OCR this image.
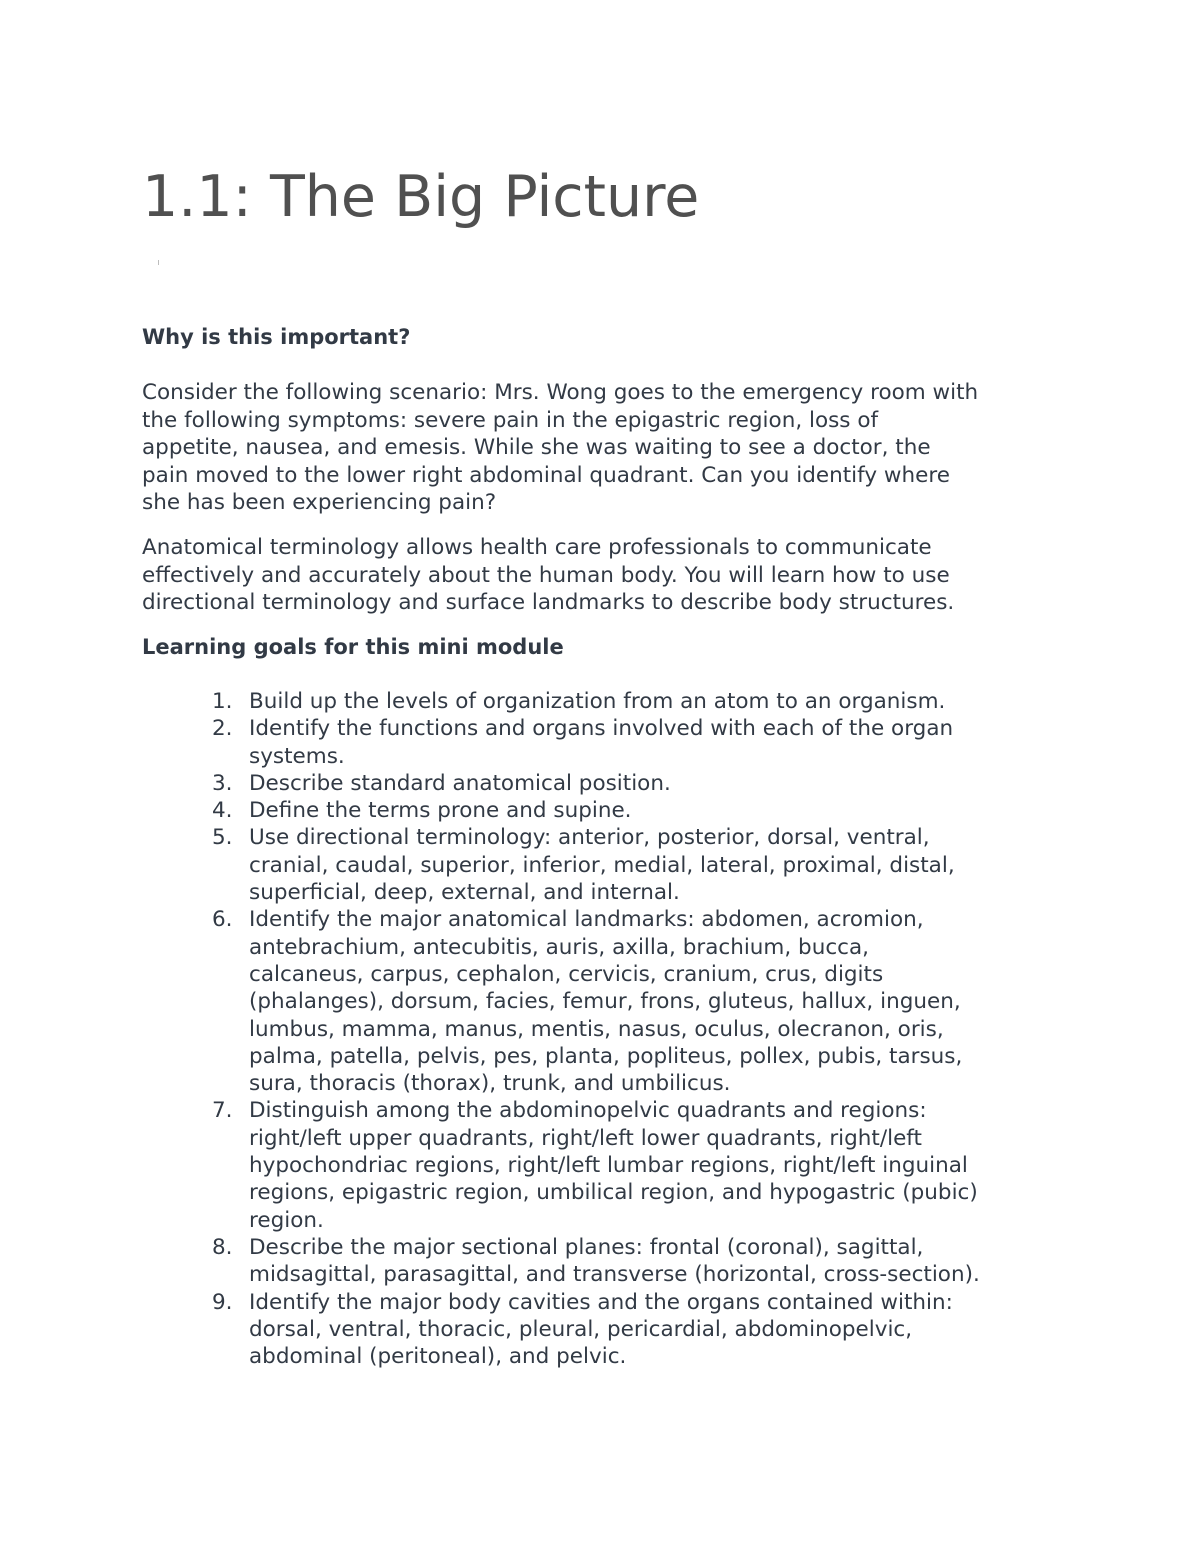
1.1: The Big Picture
Why is this important?

Consider the following scenario: Mrs. Wong goes to the emergency room with
the following symptoms: severe pain in the epigastric region, loss of
appetite, nausea, and emesis. While she was waiting to see a doctor, the
pain moved to the lower right abdominal quadrant. Can you identify where
she has been experiencing pain?

Anatomical terminology allows health care professionals to communicate
effectively and accurately about the human body. You will learn how to use
directional terminology and surface landmarks to describe body structures.

Learning goals for this mini module
1. Build up the levels of organization from an atom to an organism.
2. Identify the functions and organs involved with each of the organ
systems.
3. Describe standard anatomical position.
4. Define the terms prone and supine.
5. Use directional terminology: anterior, posterior, dorsal, ventral,
cranial, caudal, superior, inferior, medial, lateral, proximal, distal,
superficial, deep, external, and internal.
6. Identify the major anatomical landmarks: abdomen, acromion,
antebrachium, antecubitis, auris, axilla, brachium, bucca,
calcaneus, carpus, cephalon, cervicis, cranium, crus, digits
(phalanges), dorsum, facies, femur, frons, gluteus, hallux, inguen,
lumbus, mamma, manus, mentis, nasus, oculus, olecranon, oris,
palma, patella, pelvis, pes, planta, popliteus, pollex, pubis, tarsus,
sura, thoracis (thorax), trunk, and umbilicus.
7. Distinguish among the abdominopelvic quadrants and regions:
right/left upper quadrants, right/left lower quadrants, right/left
hypochondriac regions, right/left lumbar regions, right/left inguinal
regions, epigastric region, umbilical region, and hypogastric (pubic)
region.
8. Describe the major sectional planes: frontal (coronal), sagittal,
midsagittal, parasagittal, and transverse (horizontal, cross-section).
9. Identify the major body cavities and the organs contained within:
dorsal, ventral, thoracic, pleural, pericardial, abdominopelvic,
abdominal (peritoneal), and pelvic.
